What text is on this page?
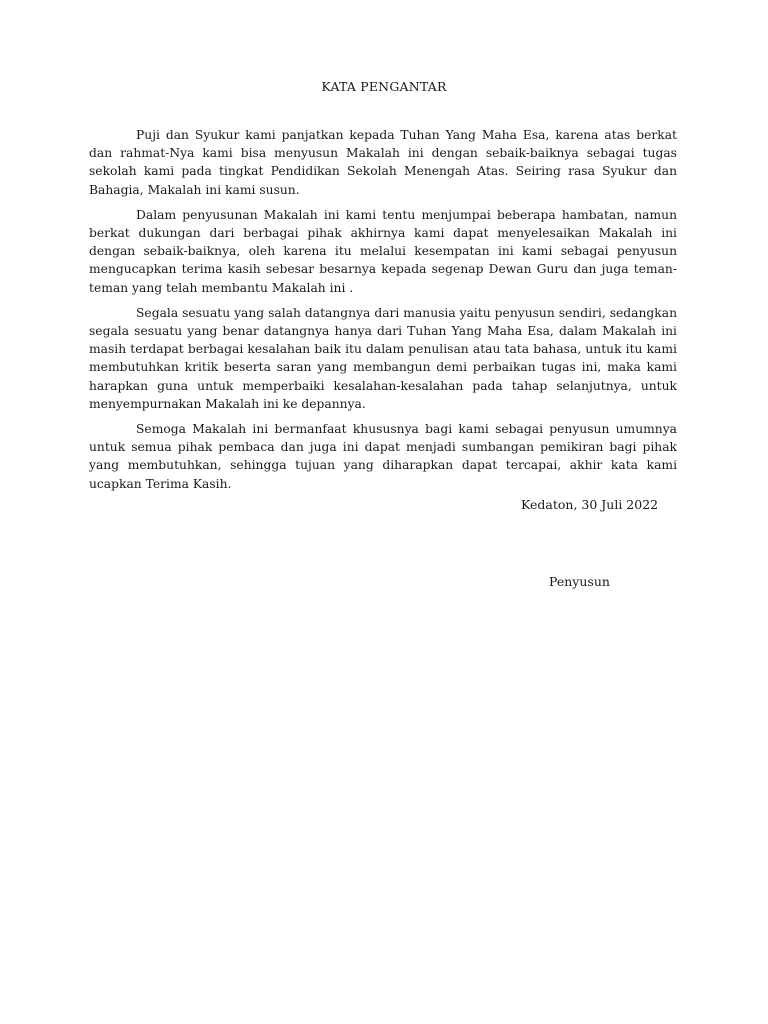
KATA PENGANTAR

Puji dan Syukur kami panjatkan kepada Tuhan Yang Maha Esa, karena atas berkat dan rahmat-Nya kami bisa menyusun Makalah ini dengan sebaik-baiknya sebagai tugas sekolah kami pada tingkat Pendidikan Sekolah Menengah Atas. Seiring rasa Syukur dan Bahagia, Makalah ini kami susun.

Dalam penyusunan Makalah ini kami tentu menjumpai beberapa hambatan, namun berkat dukungan dari berbagai pihak akhirnya kami dapat menyelesaikan Makalah ini dengan sebaik-baiknya, oleh karena itu melalui kesempatan ini kami sebagai penyusun mengucapkan terima kasih sebesar besarnya kepada segenap Dewan Guru dan juga teman-teman yang telah membantu Makalah ini .

Segala sesuatu yang salah datangnya dari manusia yaitu penyusun sendiri, sedangkan segala sesuatu yang benar datangnya hanya dari Tuhan Yang Maha Esa, dalam Makalah ini masih terdapat berbagai kesalahan baik itu dalam penulisan atau tata bahasa, untuk itu kami membutuhkan kritik beserta saran yang membangun demi perbaikan tugas ini, maka kami harapkan guna untuk memperbaiki kesalahan-kesalahan pada tahap selanjutnya, untuk menyempurnakan Makalah ini ke depannya.

Semoga Makalah ini bermanfaat khususnya bagi kami sebagai penyusun umumnya untuk semua pihak pembaca dan juga ini dapat menjadi sumbangan pemikiran bagi pihak yang membutuhkan, sehingga tujuan yang diharapkan dapat tercapai, akhir kata kami ucapkan Terima Kasih.

Kedaton, 30 Juli 2022
Penyusun
